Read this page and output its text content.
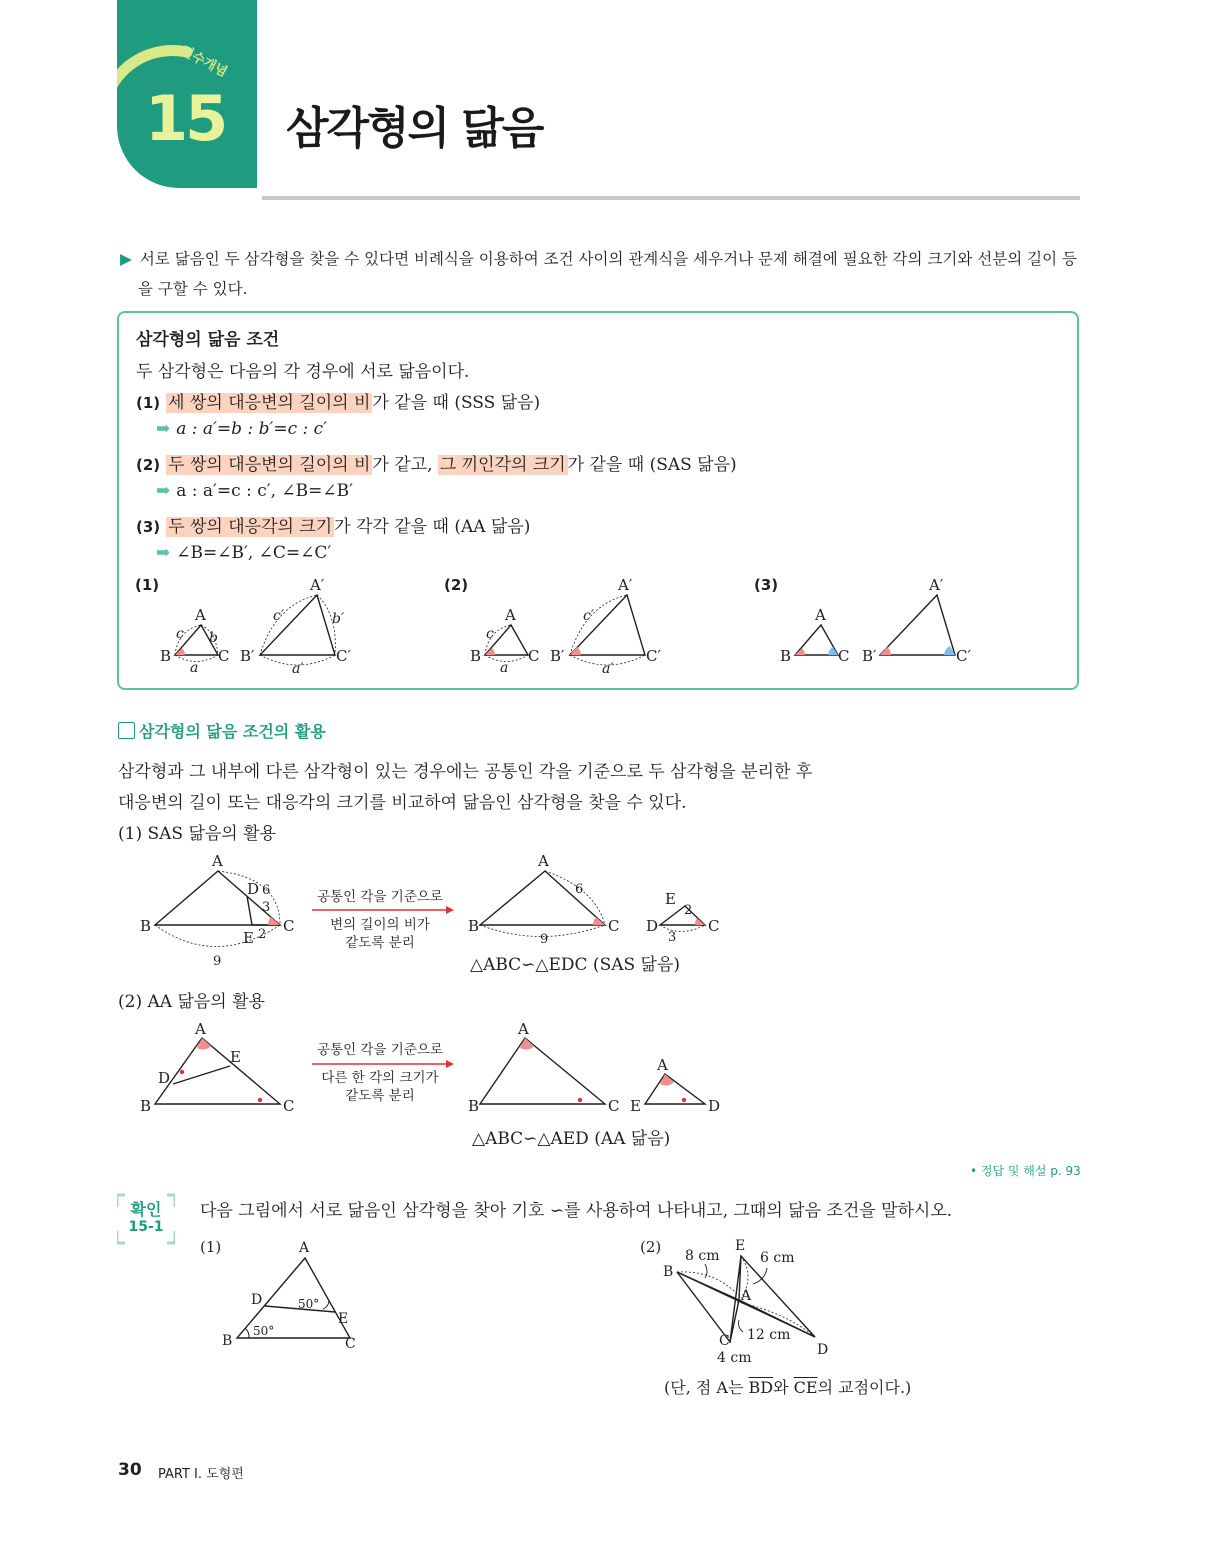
필수개념
15 삼각형의 닮음

▶ 서로 닮음인 두 삼각형을 찾을 수 있다면 비례식을 이용하여 조건 사이의 관계식을 세우거나 문제 해결에 필요한 각의 크기와 선분의 길이 등을 구할 수 있다.

삼각형의 닮음 조건
두 삼각형은 다음의 각 경우에 서로 닮음이다.
(1) 세 쌍의 대응변의 길이의 비 가 같을 때 (SSS 닮음)
➡ a : a′=b : b′=c : c′
(2) 두 쌍의 대응변의 길이의 비 가 같고, 그 끼인각의 크기 가 같을 때 (SAS 닮음)
➡ a : a′=c : c′, ∠B=∠B′
(3) 두 쌍의 대응각의 크기 가 각각 같을 때 (AA 닮음)
➡ ∠B=∠B′, ∠C=∠C′
(1)	(2)	(3)
A
B	C
A′
B′	C′
A
B	C
A′
B′	C′
A
B	C
A′
B′	C′
c b
a
c′	b′
a′
c
a
c′
a′
삼각형의 닮음 조건의 활용
삼각형과 그 내부에 다른 삼각형이 있는 경우에는 공통인 각을 기준으로 두 삼각형을 분리한 후
대응변의 길이 또는 대응각의 크기를 비교하여 닮음인 삼각형을 찾을 수 있다.
(1) SAS 닮음의 활용
A
B	C
D
E
A
B	C
E
D	C
6
3
2
9
6
9
2
3
공통인 각을 기준으로
변의 길이의 비가
같도록 분리
△ABC∽△EDC (SAS 닮음)
(2) AA 닮음의 활용
A
B	C
D
E
A
B	C
A
E	D
공통인 각을 기준으로
다른 한 각의 크기가
같도록 분리
△ABC∽△AED (AA 닮음)
• 정답 및 해설 p. 93
확인
15-1
다음 그림에서 서로 닮음인 삼각형을 찾아 기호 ∽를 사용하여 나타내고, 그때의 닮음 조건을 말하시오.
(1)	(2)
A
B	C
D
E
50°
50°
E
B
A
C
D
8 cm	6 cm
12 cm
4 cm
(단, 점 A는 $\overline{BD}$와 $\overline{CE}$의 교점이다.)
30 PART Ⅰ. 도형편
